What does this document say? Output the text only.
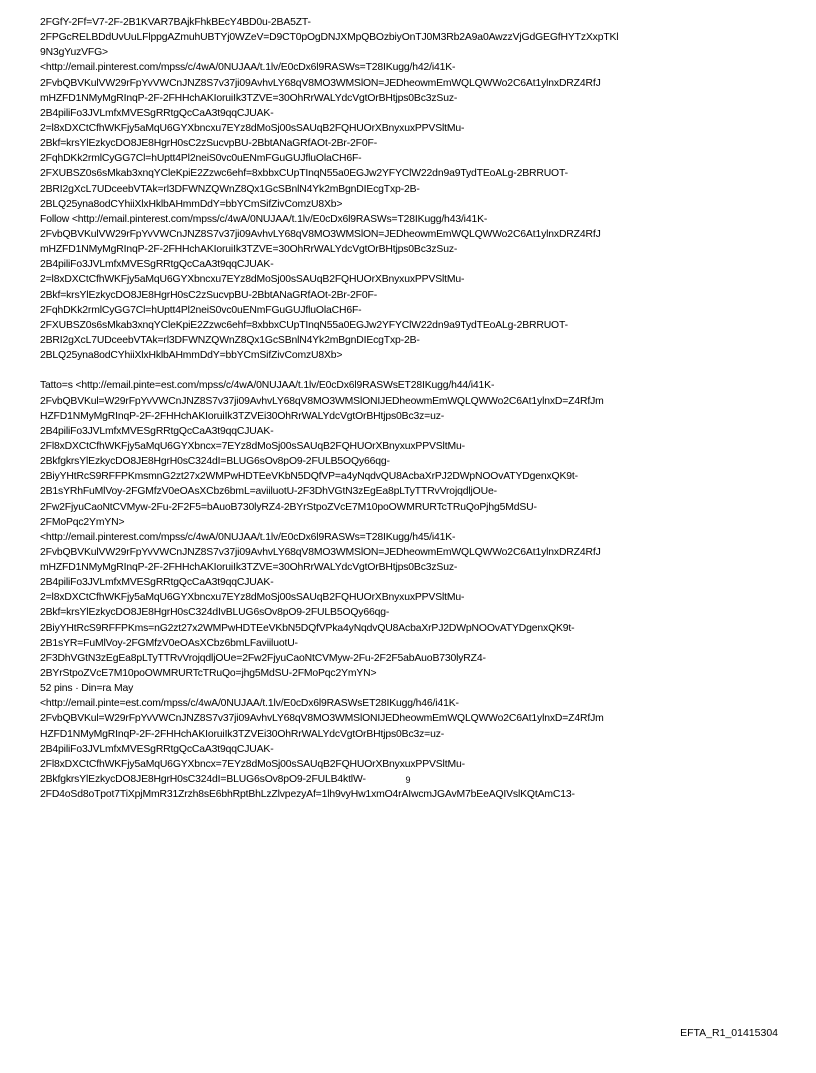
2FGfY-2Ff=V7-2F-2B1KVAR7BAjkFhkBEcY4BD0u-2BA5ZT-
2FPGcRELBDdUvUuLFlppgAZmuhUBTYj0WZeV=D9CT0pOgDNJXMpQBOzbiyOnTJ0M3Rb2A9a0AwzzVjGdGEGfHYTzXxpTKl
9N3gYuzVFG>
<http://email.pinterest.com/mpss/c/4wA/0NUJAA/t.1lv/E0cDx6l9RASWs=T28IKugg/h42/i41K-
2FvbQBVKulVW29rFpYvVWCnJNZ8S7v37ji09AvhvLY68qV8MO3WMSlON=JEDheowmEmWQLQWWo2C6At1ylnxDRZ4RfJ
mHZFD1NMyMgRInqP-2F-2FHHchAKIoruiIk3TZVE=30OhRrWALYdcVgtOrBHtjps0Bc3zSuz-
2B4piliFo3JVLmfxMVESgRRtgQcCaA3t9qqCJUAK-
2=l8xDXCtCfhWKFjy5aMqU6GYXbncxu7EYz8dMoSj00sSAUqB2FQHUOrXBnyxuxPPVSltMu-
2Bkf=krsYlEzkycDO8JE8HgrH0sC2zSucvpBU-2BbtANaGRfAOt-2Br-2F0F-
2FqhDKk2rmlCyGG7Cl=hUptt4Pl2neiS0vc0uENmFGuGUJfluOlaCH6F-
2FXUBSZ0s6sMkab3xnqYCleKpiE2Zzwc6ehf=8xbbxCUpTInqN55a0EGJw2YFYClW22dn9a9TydTEoALg-2BRRUOT-
2BRI2gXcL7UDceebVTAk=rl3DFWNZQWnZ8Qx1GcSBnlN4Yk2mBgnDIEcgTxp-2B-
2BLQ25yna8odCYhiiXlxHklbAHmmDdY=bbYCmSifZivComzU8Xb>
Follow <http://email.pinterest.com/mpss/c/4wA/0NUJAA/t.1lv/E0cDx6l9RASWs=T28IKugg/h43/i41K-
2FvbQBVKulVW29rFpYvVWCnJNZ8S7v37ji09AvhvLY68qV8MO3WMSlON=JEDheowmEmWQLQWWo2C6At1ylnxDRZ4RfJ
mHZFD1NMyMgRInqP-2F-2FHHchAKIoruiIk3TZVE=30OhRrWALYdcVgtOrBHtjps0Bc3zSuz-
2B4piliFo3JVLmfxMVESgRRtgQcCaA3t9qqCJUAK-
2=l8xDXCtCfhWKFjy5aMqU6GYXbncxu7EYz8dMoSj00sSAUqB2FQHUOrXBnyxuxPPVSltMu-
2Bkf=krsYlEzkycDO8JE8HgrH0sC2zSucvpBU-2BbtANaGRfAOt-2Br-2F0F-
2FqhDKk2rmlCyGG7Cl=hUptt4Pl2neiS0vc0uENmFGuGUJfluOlaCH6F-
2FXUBSZ0s6sMkab3xnqYCleKpiE2Zzwc6ehf=8xbbxCUpTInqN55a0EGJw2YFYClW22dn9a9TydTEoALg-2BRRUOT-
2BRI2gXcL7UDceebVTAk=rl3DFWNZQWnZ8Qx1GcSBnlN4Yk2mBgnDIEcgTxp-2B-
2BLQ25yna8odCYhiiXlxHklbAHmmDdY=bbYCmSifZivComzU8Xb>
Tatto=s <http://email.pinte=est.com/mpss/c/4wA/0NUJAA/t.1lv/E0cDx6l9RASWsET28IKugg/h44/i41K-
2FvbQBVKul=W29rFpYvVWCnJNZ8S7v37ji09AvhvLY68qV8MO3WMSlONIJEDheowmEmWQLQWWo2C6At1ylnxD=Z4RfJm
HZFD1NMyMgRInqP-2F-2FHHchAKIoruiIk3TZVEi30OhRrWALYdcVgtOrBHtjps0Bc3z=uz-
2B4piliFo3JVLmfxMVESgRRtgQcCaA3t9qqCJUAK-
2Fl8xDXCtCfhWKFjy5aMqU6GYXbncx=7EYz8dMoSj00sSAUqB2FQHUOrXBnyxuxPPVSltMu-
2BkfgkrsYlEzkycDO8JE8HgrH0sC324dI=BLUG6sOv8pO9-2FULB5OQy66qg-
2BiyYHtRcS9RFFPKmsmnG2zt27x2WMPwHDTEeVKbN5DQfVP=a4yNqdvQU8AcbaXrPJ2DWpNOOvATYDgenxQK9t-
2B1sYRhFuMlVoy-2FGMfzV0eOAsXCbz6bmL=aviiluotU-2F3DhVGtN3zEgEa8pLTyTTRvVrojqdljOUe-
2Fw2FjyuCaoNtCVMyw-2Fu-2F2F5=bAuoB730lyRZ4-2BYrStpoZVcE7M10poOWMRURTcTRuQoPjhg5MdSU-
2FMoPqc2YmYN>
<http://email.pinterest.com/mpss/c/4wA/0NUJAA/t.1lv/E0cDx6l9RASWs=T28IKugg/h45/i41K-
2FvbQBVKulVW29rFpYvVWCnJNZ8S7v37ji09AvhvLY68qV8MO3WMSlON=JEDheowmEmWQLQWWo2C6At1ylnxDRZ4RfJ
mHZFD1NMyMgRInqP-2F-2FHHchAKIoruiIk3TZVE=30OhRrWALYdcVgtOrBHtjps0Bc3zSuz-
2B4piliFo3JVLmfxMVESgRRtgQcCaA3t9qqCJUAK-
2=l8xDXCtCfhWKFjy5aMqU6GYXbncxu7EYz8dMoSj00sSAUqB2FQHUOrXBnyxuxPPVSltMu-
2Bkf=krsYlEzkycDO8JE8HgrH0sC324dIvBLUG6sOv8pO9-2FULB5OQy66qg-
2BiyYHtRcS9RFFPKms=nG2zt27x2WMPwHDTEeVKbN5DQfVPka4yNqdvQU8AcbaXrPJ2DWpNOOvATYDgenxQK9t-
2B1sYR=FuMlVoy-2FGMfzV0eOAsXCbz6bmLFaviiluotU-
2F3DhVGtN3zEgEa8pLTyTTRvVrojqdljOUe=2Fw2FjyuCaoNtCVMyw-2Fu-2F2F5abAuoB730lyRZ4-
2BYrStpoZVcE7M10poOWMRURTcTRuQo=jhg5MdSU-2FMoPqc2YmYN>
52 pins · Din=ra May
<http://email.pinte=est.com/mpss/c/4wA/0NUJAA/t.1lv/E0cDx6l9RASWsET28IKugg/h46/i41K-
2FvbQBVKul=W29rFpYvVWCnJNZ8S7v37ji09AvhvLY68qV8MO3WMSlONIJEDheowmEmWQLQWWo2C6At1ylnxD=Z4RfJm
HZFD1NMyMgRInqP-2F-2FHHchAKIoruiIk3TZVEi30OhRrWALYdcVgtOrBHtjps0Bc3z=uz-
2B4piliFo3JVLmfxMVESgRRtgQcCaA3t9qqCJUAK-
2Fl8xDXCtCfhWKFjy5aMqU6GYXbncx=7EYz8dMoSj00sSAUqB2FQHUOrXBnyxuxPPVSltMu-
2BkfgkrsYlEzkycDO8JE8HgrH0sC324dI=BLUG6sOv8pO9-2FULB4ktlW-
2FD4oSd8oTpot7TiXpjMmR31Zrzh8sE6bhRptBhLzZlvpezyAf=1lh9vyHw1xmO4rAIwcmJGAvM7bEeAQIVslKQtAmC13-
9
EFTA_R1_01415304
